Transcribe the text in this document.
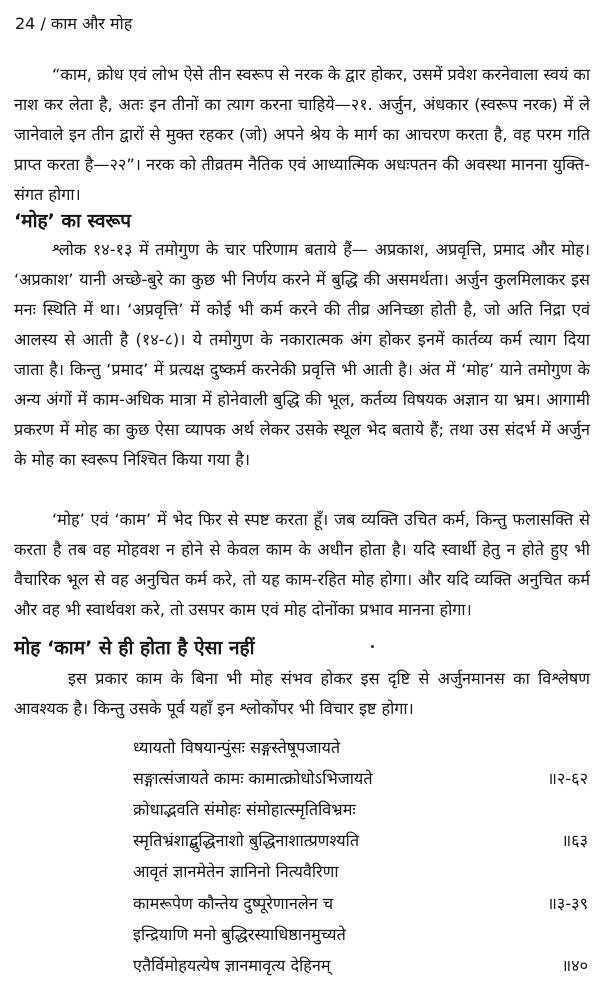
24 / काम और मोह
“काम, क्रोध एवं लोभ ऐसे तीन स्वरूप से नरक के द्वार होकर, उसमें प्रवेश करनेवाला स्वयं का नाश कर लेता है, अतः इन तीनों का त्याग करना चाहिये—२१. अर्जुन, अंधकार (स्वरूप नरक) में ले जानेवाले इन तीन द्वारों से मुक्त रहकर (जो) अपने श्रेय के मार्ग का आचरण करता है, वह परम गति प्राप्त करता है—२२”। नरक को तीव्रतम नैतिक एवं आध्यात्मिक अधःपतन की अवस्था मानना युक्ति-संगत होगा।
‘मोह’ का स्वरूप
श्लोक १४-१३ में तमोगुण के चार परिणाम बताये हैं— अप्रकाश, अप्रवृत्ति, प्रमाद और मोह। ‘अप्रकाश’ यानी अच्छे-बुरे का कुछ भी निर्णय करने में बुद्धि की असमर्थता। अर्जुन कुलमिलाकर इस मनः स्थिति में था। ‘अप्रवृत्ति’ में कोई भी कर्म करने की तीव्र अनिच्छा होती है, जो अति निद्रा एवं आलस्य से आती है (१४-८)। ये तमोगुण के नकारात्मक अंग होकर इनमें कार्तव्य कर्म त्याग दिया जाता है। किन्तु ‘प्रमाद’ में प्रत्यक्ष दुष्कर्म करनेकी प्रवृत्ति भी आती है। अंत में ‘मोह’ याने तमोगुण के अन्य अंगों में काम-अधिक मात्रा में होनेवाली बुद्धि की भूल, कर्तव्य विषयक अज्ञान या भ्रम। आगामी प्रकरण में मोह का कुछ ऐसा व्यापक अर्थ लेकर उसके स्थूल भेद बताये हैं; तथा उस संदर्भ में अर्जुन के मोह का स्वरूप निश्चित किया गया है।
‘मोह’ एवं ‘काम’ में भेद फिर से स्पष्ट करता हूँ। जब व्यक्ति उचित कर्म, किन्तु फलासक्ति से करता है तब वह मोहवश न होने से केवल काम के अधीन होता है। यदि स्वार्थी हेतु न होते हुए भी वैचारिक भूल से वह अनुचित कर्म करे, तो यह काम-रहित मोह होगा। और यदि व्यक्ति अनुचित कर्म और वह भी स्वार्थवश करे, तो उसपर काम एवं मोह दोनोंका प्रभाव मानना होगा।
मोह ‘काम’ से ही होता है ऐसा नहीं
इस प्रकार काम के बिना भी मोह संभव होकर इस दृष्टि से अर्जुनमानस का विश्लेषण आवश्यक है। किन्तु उसके पूर्व यहाँ इन श्लोकोंपर भी विचार इष्ट होगा।
ध्यायतो विषयान्पुंसः सङ्गस्तेषूपजायते
सङ्गात्संजायते कामः कामात्क्रोधोऽभिजायते	॥२-६२
क्रोधाद्भवति संमोहः संमोहात्स्मृतिविभ्रमः
स्मृतिभ्रंशाद्बुद्धिनाशो बुद्धिनाशात्प्रणश्यति	॥६३
आवृतं ज्ञानमेतेन ज्ञानिनो नित्यवैरिणा
कामरूपेण कौन्तेय दुष्पूरेणानलेन च	॥३-३९
इन्द्रियाणि मनो बुद्धिरस्याधिष्ठानमुच्यते
एतैर्विमोहयत्येष ज्ञानमावृत्य देहिनम्	॥४०
